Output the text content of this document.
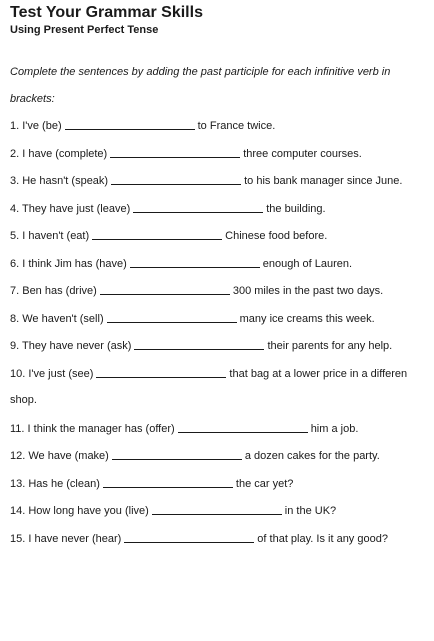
Test Your Grammar Skills
Using Present Perfect Tense
Complete the sentences by adding the past participle for each infinitive verb in
brackets:
1. I've (be)	to France twice.
2. I have (complete)	three computer courses.
3. He hasn't (speak)	to his bank manager since June.
4. They have just (leave)	the building.
5. I haven't (eat)	Chinese food before.
6. I think Jim has (have)	enough of Lauren.
7. Ben has (drive)	300 miles in the past two days.
8. We haven't (sell)	many ice creams this week.
9. They have never (ask)	their parents for any help.
10. I've just (see)	that bag at a lower price in a differen
shop.
11. I think the manager has (offer)	him a job.
12. We have (make)	a dozen cakes for the party.
13. Has he (clean)	the car yet?
14. How long have you (live)	in the UK?
15. I have never (hear)	of that play. Is it any good?
